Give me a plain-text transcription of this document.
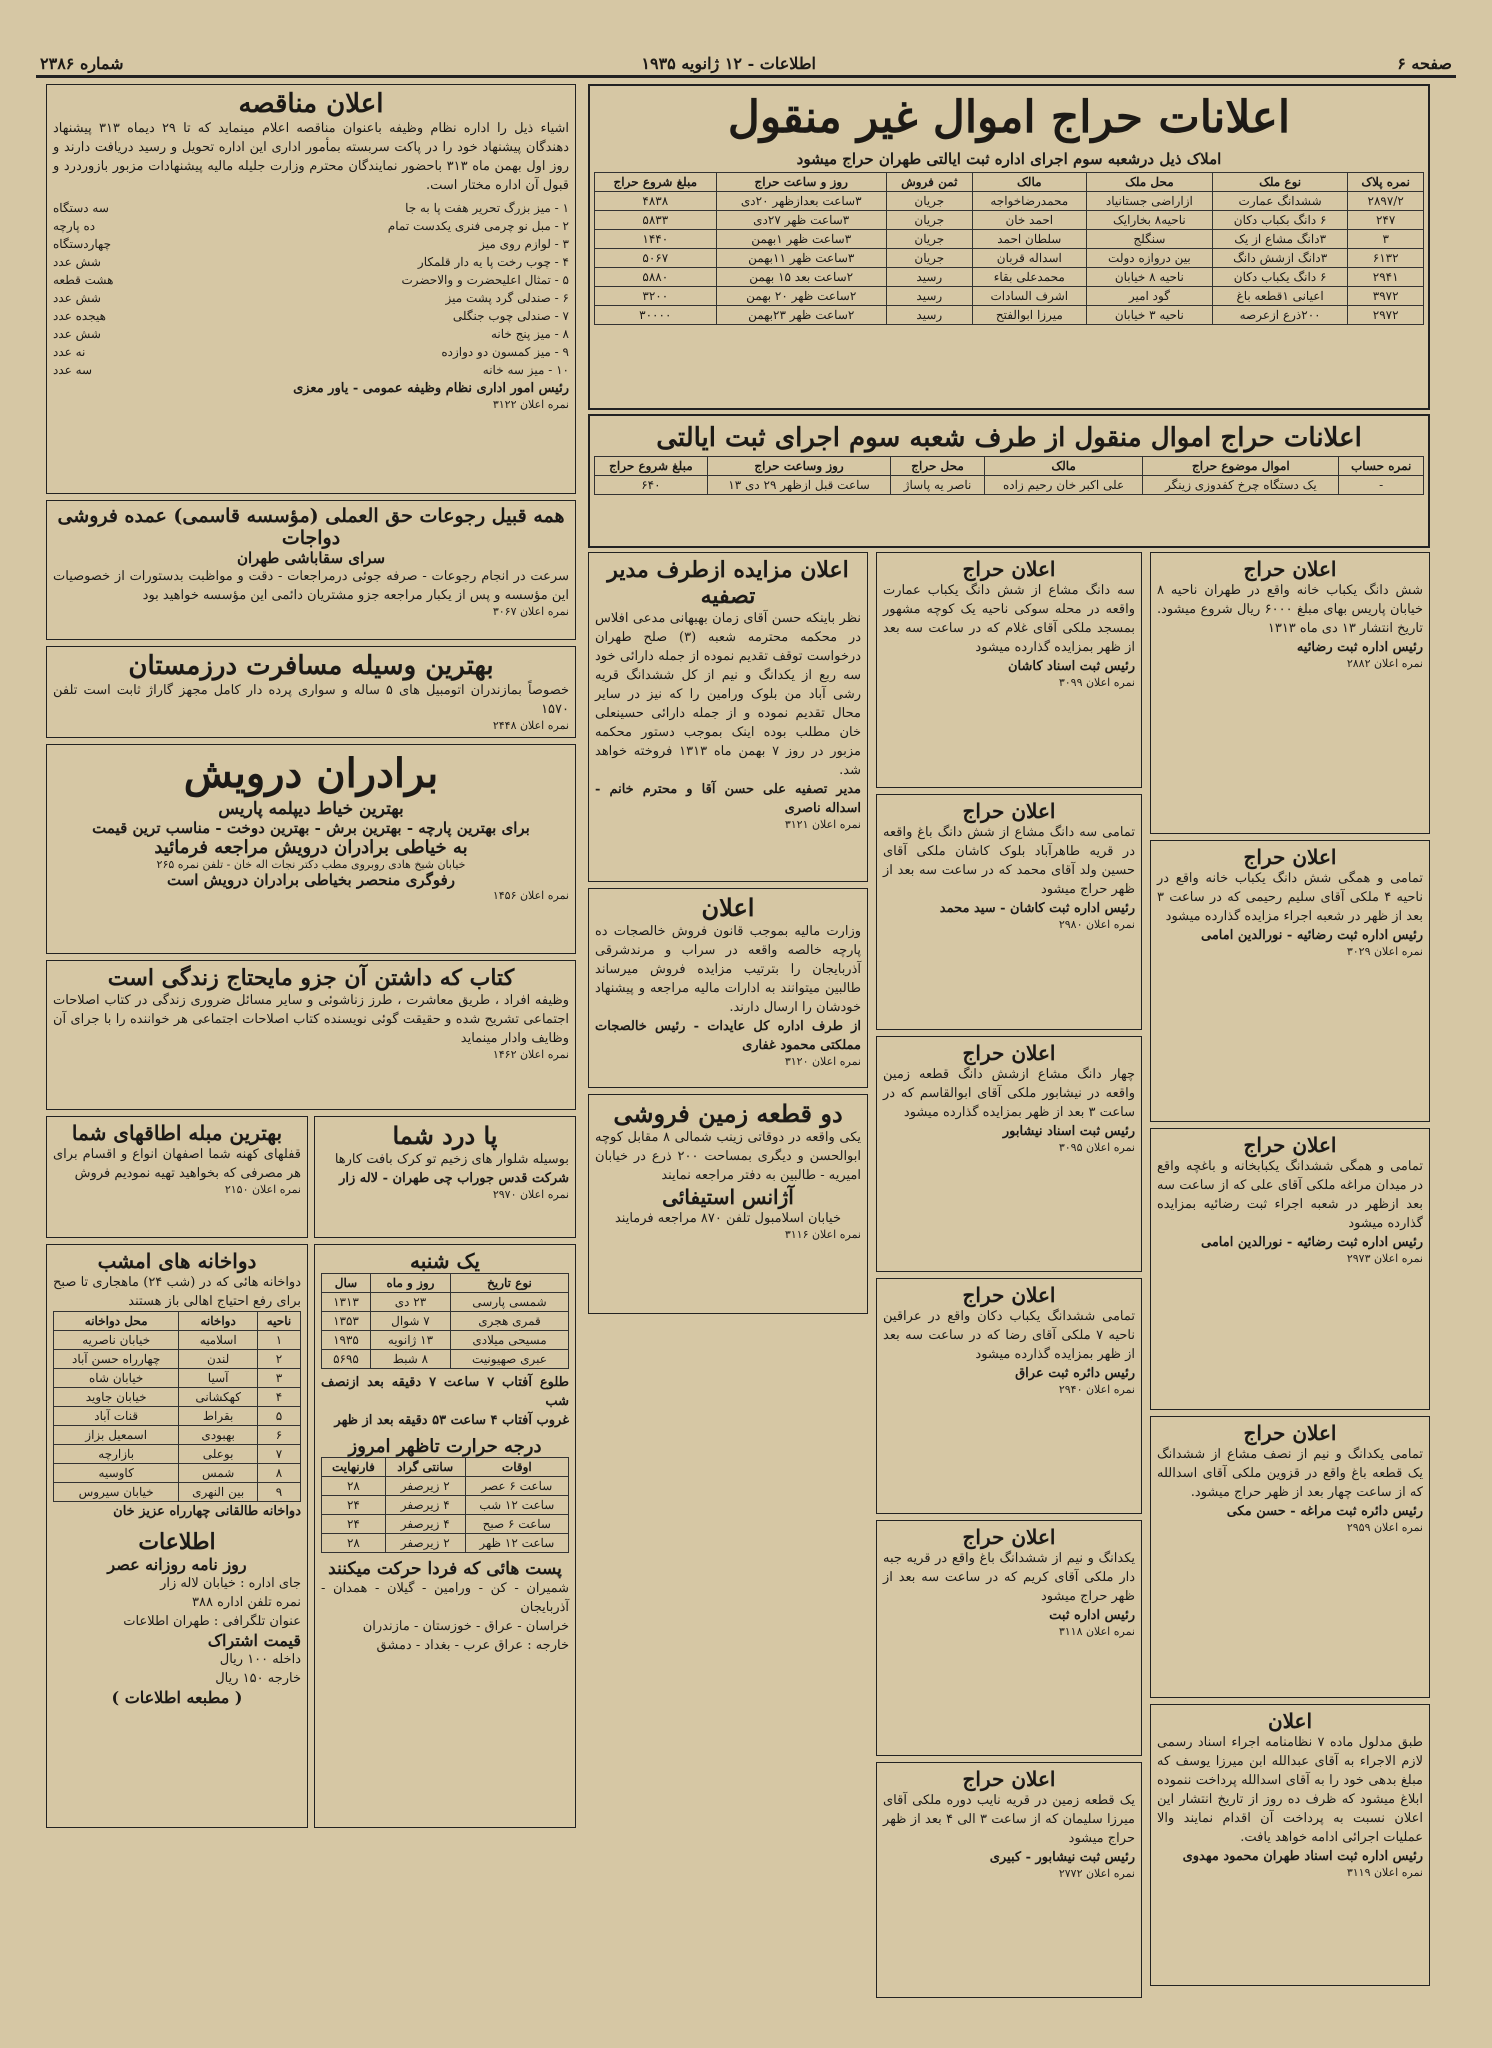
صفحه ۶
اطلاعات - ۱۲ ژانویه ۱۹۳۵
شماره ۲۳۸۶
اعلانات حراج اموال غیر منقول
املاک ذیل درشعبه سوم اجرای اداره ثبت ایالتی طهران حراج میشود
نمره پلاک	نوع ملک	محل ملک	مالک	ثمن فروش	روز و ساعت حراج	مبلغ شروع حراج
۲۸۹۷/۲	ششدانگ عمارت	ازاراضی جستانیاد	محمدرضاخواجه	جریان	۳ساعت بعدازظهر ۲۰دی	۴۸۳۸
۲۴۷	۶ دانگ بکباب دکان	ناحیه۸ بخارایک	احمد خان	جریان	۳ساعت ظهر ۲۷دی	۵۸۳۳
۳	۳دانگ مشاع از یک	سنگلج	سلطان احمد	جریان	۳ساعت ظهر ۱بهمن	۱۴۴۰
۶۱۳۲	۳دانگ ازشش دانگ	بین دروازه دولت	اسداله قربان	جریان	۳ساعت ظهر ۱۱بهمن	۵۰۶۷
۲۹۴۱	۶ دانگ یکباب دکان	ناحیه ۸ خیابان	محمدعلی بقاء	رسید	۲ساعت بعد ۱۵ بهمن	۵۸۸۰
۳۹۷۲	اعیانی ۱قطعه باغ	گود امیر	اشرف السادات	رسید	۲ساعت ظهر ۲۰ بهمن	۳۲۰۰
۲۹۷۲	۲۰۰ذرع ازعرصه	ناحیه ۳ خیابان	میرزا ابوالفتح	رسید	۲ساعت ظهر ۲۳بهمن	۳۰۰۰۰
اعلانات حراج اموال منقول از طرف شعبه سوم اجرای ثبت ایالتی
نمره حساب	اموال موضوع حراج	مالک	محل حراج	روز وساعت حراج	مبلغ شروع حراج
-	یک دستگاه چرخ کفدوزی زینگر	علی اکبر خان رحیم زاده	ناصر یه پاساژ	ساعت قبل ازظهر ۲۹ دی ۱۳	۶۴۰
اعلان مناقصه
اشیاء ذیل را اداره نظام وظیفه باعنوان مناقصه اعلام مینماید که تا ۲۹ دیماه ۳۱۳ پیشنهاد دهندگان پیشنهاد خود را در پاکت سربسته بمأمور اداری این اداره تحویل و رسید دریافت دارند و روز اول بهمن ماه ۳۱۳ باحضور نمایندگان محترم وزارت جلیله مالیه پیشنهادات مزبور بازوردرد و قبول آن اداره مختار است.
۱ - میز بزرگ تحریر هفت پا به جا
سه دستگاه
۲ - مبل نو چرمی فنری یکدست تمام
ده پارچه
۳ - لوازم روی میز
چهاردستگاه
۴ - چوب رخت پا یه دار قلمکار
شش عدد
۵ - تمثال اعلیحضرت و والاحضرت
هشت قطعه
۶ - صندلی گرد پشت میز
شش عدد
۷ - صندلی چوب جنگلی
هیجده عدد
۸ - میز پنج خانه
شش عدد
۹ - میز کمسون دو دوازده
نه عدد
۱۰ - میز سه خانه
سه عدد
رئیس امور اداری نظام وظیفه عمومی - یاور معزی
نمره اعلان ۳۱۲۲
همه قبیل رجوعات حق العملی (مؤسسه قاسمی) عمده فروشی دواجات
سرای سقاباشی طهران
سرعت در انجام رجوعات - صرفه جوئی درمراجعات - دقت و مواظبت بدستورات از خصوصیات این مؤسسه و پس از یکبار مراجعه جزو مشتریان دائمی این مؤسسه خواهید بود
نمره اعلان ۳۰۶۷
بهترین وسیله مسافرت درزمستان
خصوصاً بمازندران اتومبیل های ۵ ساله و سواری پرده دار کامل مجهز گاراژ ثابت است تلفن ۱۵۷۰
نمره اعلان ۲۴۴۸
برادران درویش
بهترین خیاط دیپلمه پاریس
برای بهترین پارچه - بهترین برش - بهترین دوخت - مناسب ترین قیمت
به خیاطی برادران درویش مراجعه فرمائید
خیابان شیخ هادی روبروی مطب دکتر نجات اله خان - تلفن نمره ۲۶۵
رفوگری منحصر بخیاطی برادران درویش است
نمره اعلان ۱۴۵۶
کتاب که داشتن آن جزو مایحتاج زندگی است
وظیفه افراد ، طریق معاشرت ، طرز زناشوئی و سایر مسائل ضروری زندگی در کتاب اصلاحات اجتماعی تشریح شده و حقیقت گوئی نویسنده کتاب اصلاحات اجتماعی هر خواننده را با جرای آن وظایف وادار مینماید
نمره اعلان ۱۴۶۲
پا درد شما
بوسیله شلوار های زخیم تو کرک بافت کارها
شرکت قدس جوراب چی طهران - لاله زار
نمره اعلان ۲۹۷۰
بهترین مبله اطاقهای شما
قفلهای کهنه شما اصفهان انواع و اقسام برای هر مصرفی که بخواهید تهیه نمودیم فروش
نمره اعلان ۲۱۵۰
یک شنبه
نوع تاریخ	روز و ماه	سال
شمسی پارسی	۲۳ دی	۱۳۱۳
قمری هجری	۷ شوال	۱۳۵۳
مسیحی میلادی	۱۳ ژانویه	۱۹۳۵
عبری صهیونیت	۸ شبط	۵۶۹۵
طلوع آفتاب ۷ ساعت ۷ دقیقه بعد ازنصف شب
غروب آفتاب ۴ ساعت ۵۳ دقیقه بعد از ظهر
درجه حرارت تاظهر امروز
اوقات	سانتی گراد	فارنهایت
ساعت ۶ عصر	۲ زیرصفر	۲۸
ساعت ۱۲ شب	۴ زیرصفر	۲۴
ساعت ۶ صبح	۴ زیرصفر	۲۴
ساعت ۱۲ ظهر	۲ زیرصفر	۲۸
پست هائی که فردا حرکت میکنند
شمیران - کن - ورامین - گیلان - همدان - آذربایجان
خراسان - عراق - خوزستان - مازندران
خارجه : عراق عرب - بغداد - دمشق
دواخانه های امشب
دواخانه هائی که در (شب ۲۴) ماهجاری تا صبح برای رفع احتیاج اهالی باز هستند
ناحیه	دواخانه	محل دواخانه
۱	اسلامیه	خیابان ناصریه
۲	لندن	چهارراه حسن آباد
۳	آسیا	خیابان شاه
۴	کهکشانی	خیابان جاوید
۵	بقراط	قنات آباد
۶	بهبودی	اسمعیل بزاز
۷	بوعلی	بازارچه
۸	شمس	کاوسیه
۹	بین النهری	خیابان سیروس
دواخانه طالقانی چهارراه عزیز خان
اطلاعات
روز نامه روزانه عصر
جای اداره : خیابان لاله زار
نمره تلفن اداره ۳۸۸
عنوان تلگرافی : طهران اطلاعات
قیمت اشتراک
داخله ۱۰۰ ریال
خارجه ۱۵۰ ریال
( مطبعه اطلاعات )
اعلان مزایده ازطرف مدیر تصفیه
نظر باینکه حسن آقای زمان بهبهانی مدعی افلاس در محکمه محترمه شعبه (۳) صلح طهران درخواست توقف تقدیم نموده از جمله دارائی خود سه ربع از یکدانگ و نیم از کل ششدانگ قریه رشی آباد من بلوک ورامین را که نیز در سایر محال تقدیم نموده و از جمله دارائی حسینعلی خان مطلب بوده اینک بموجب دستور محکمه مزبور در روز ۷ بهمن ماه ۱۳۱۳ فروخته خواهد شد.
مدیر تصفیه علی حسن آقا و محترم خانم - اسداله ناصری
نمره اعلان ۳۱۲۱
اعلان
وزارت مالیه بموجب قانون فروش خالصجات ده پارچه خالصه واقعه در سراب و مرندشرقی آذربایجان را بترتیب مزایده فروش میرساند طالبین میتوانند به ادارات مالیه مراجعه و پیشنهاد خودشان را ارسال دارند.
از طرف اداره کل عایدات - رئیس خالصجات مملکتی محمود غفاری
نمره اعلان ۳۱۲۰
دو قطعه زمین فروشی
یکی واقعه در دوقاتی زینب شمالی ۸ مقابل کوچه ابوالحسن و دیگری بمساحت ۲۰۰ ذرع در خیابان امیریه - طالبین به دفتر مراجعه نمایند
آژانس استیفائی
خیابان اسلامبول تلفن ۸۷۰ مراجعه فرمایند
نمره اعلان ۳۱۱۶
اعلان حراج
شش دانگ یکباب خانه واقع در طهران ناحیه ۸ خیابان پاریس بهای مبلغ ۶۰۰۰ ریال شروع میشود. تاریخ انتشار ۱۳ دی ماه ۱۳۱۳
رئیس اداره ثبت رضائیه
نمره اعلان ۲۸۸۲
اعلان حراج
تمامی و همگی شش دانگ یکباب خانه واقع در ناحیه ۴ ملکی آقای سلیم رحیمی که در ساعت ۳ بعد از ظهر در شعبه اجراء مزایده گذارده میشود
رئیس اداره ثبت رضائیه - نورالدین امامی
نمره اعلان ۳۰۲۹
اعلان حراج
تمامی و همگی ششدانگ یکبابخانه و باغچه واقع در میدان مراغه ملکی آقای علی که از ساعت سه بعد ازظهر در شعبه اجراء ثبت رضائیه بمزایده گذارده میشود
رئیس اداره ثبت رضائیه - نورالدین امامی
نمره اعلان ۲۹۷۳
اعلان حراج
تمامی یکدانگ و نیم از نصف مشاع از ششدانگ یک قطعه باغ واقع در قزوین ملکی آقای اسدالله که از ساعت چهار بعد از ظهر حراج میشود.
رئیس دائره ثبت مراغه - حسن مکی
نمره اعلان ۲۹۵۹
اعلان
طبق مدلول ماده ۷ نظامنامه اجراء اسناد رسمی لازم الاجراء به آقای عبدالله ابن میرزا یوسف که مبلغ بدهی خود را به آقای اسدالله پرداخت ننموده ابلاغ میشود که ظرف ده روز از تاریخ انتشار این اعلان نسبت به پرداخت آن اقدام نمایند والا عملیات اجرائی ادامه خواهد یافت.
رئیس اداره ثبت اسناد طهران محمود مهدوی
نمره اعلان ۳۱۱۹
اعلان حراج
سه دانگ مشاع از شش دانگ یکباب عمارت واقعه در محله سوکی ناحیه یک کوچه مشهور بمسجد ملکی آقای غلام که در ساعت سه بعد از ظهر بمزایده گذارده میشود
رئیس ثبت اسناد کاشان
نمره اعلان ۳۰۹۹
اعلان حراج
تمامی سه دانگ مشاع از شش دانگ باغ واقعه در قریه طاهرآباد بلوک کاشان ملکی آقای حسین ولد آقای محمد که در ساعت سه بعد از ظهر حراج میشود
رئیس اداره ثبت کاشان - سید محمد
نمره اعلان ۲۹۸۰
اعلان حراج
چهار دانگ مشاع ازشش دانگ قطعه زمین واقعه در نیشابور ملکی آقای ابوالقاسم که در ساعت ۳ بعد از ظهر بمزایده گذارده میشود
رئیس ثبت اسناد نیشابور
نمره اعلان ۳۰۹۵
اعلان حراج
تمامی ششدانگ یکباب دکان واقع در عراقین ناحیه ۷ ملکی آقای رضا که در ساعت سه بعد از ظهر بمزایده گذارده میشود
رئیس دائره ثبت عراق
نمره اعلان ۲۹۴۰
اعلان حراج
یکدانگ و نیم از ششدانگ باغ واقع در قریه جبه دار ملکی آقای کریم که در ساعت سه بعد از ظهر حراج میشود
رئیس اداره ثبت
نمره اعلان ۳۱۱۸
اعلان حراج
یک قطعه زمین در قریه نایب دوره ملکی آقای میرزا سلیمان که از ساعت ۳ الی ۴ بعد از ظهر حراج میشود
رئیس ثبت نیشابور - کبیری
نمره اعلان ۲۷۷۲
